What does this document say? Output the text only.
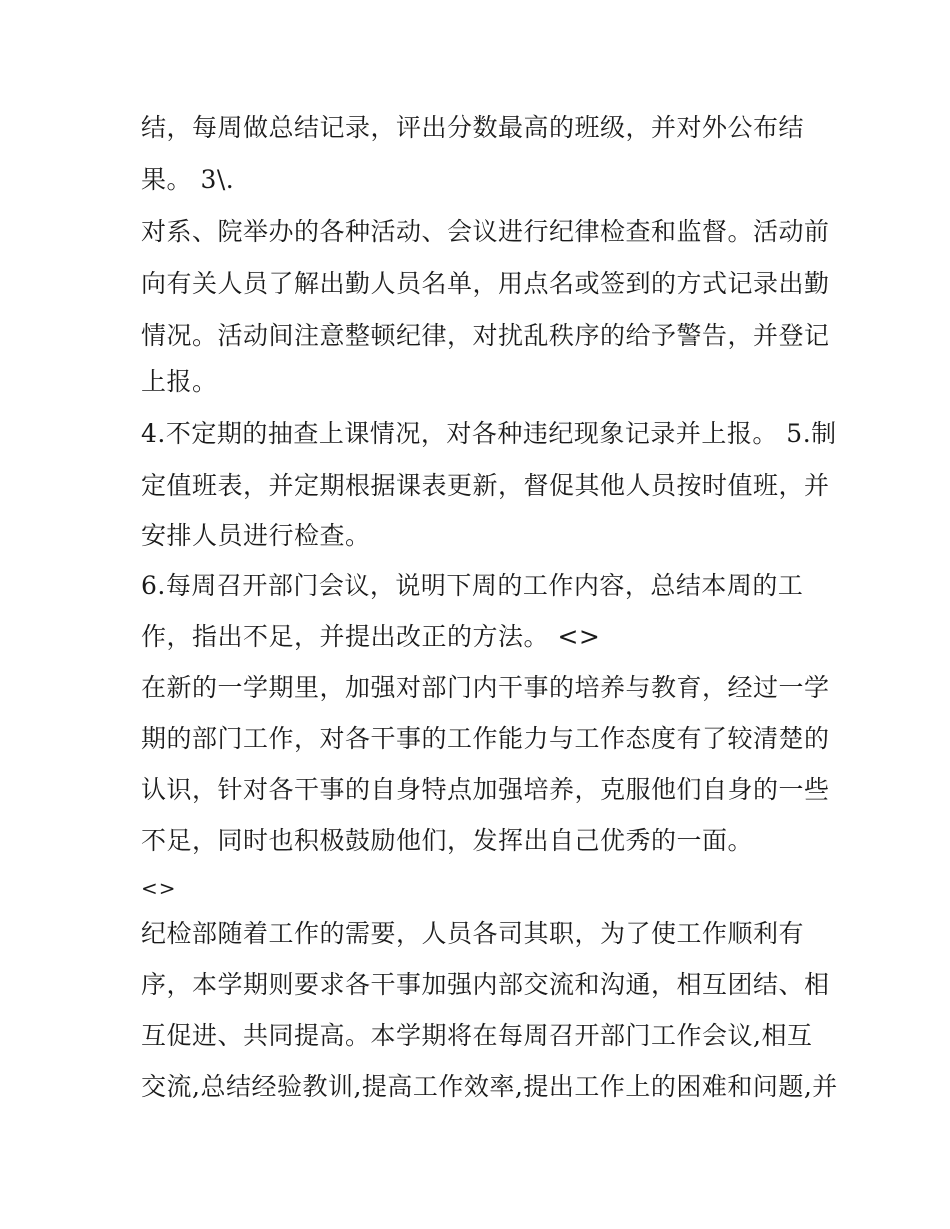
结，每周做总结记录，评出分数最高的班级，并对外公布结
果。 3\.
对系、院举办的各种活动、会议进行纪律检查和监督。活动前
向有关人员了解出勤人员名单，用点名或签到的方式记录出勤
情况。活动间注意整顿纪律，对扰乱秩序的给予警告，并登记
上报。
4.不定期的抽查上课情况，对各种违纪现象记录并上报。 5.制
定值班表，并定期根据课表更新，督促其他人员按时值班，并
安排人员进行检查。
6.每周召开部门会议，说明下周的工作内容，总结本周的工
作，指出不足，并提出改正的方法。 <>
在新的一学期里，加强对部门内干事的培养与教育，经过一学
期的部门工作，对各干事的工作能力与工作态度有了较清楚的
认识，针对各干事的自身特点加强培养，克服他们自身的一些
不足，同时也积极鼓励他们，发挥出自己优秀的一面。
<>
纪检部随着工作的需要，人员各司其职，为了使工作顺利有
序，本学期则要求各干事加强内部交流和沟通，相互团结、相
互促进、共同提高。本学期将在每周召开部门工作会议,相互
交流,总结经验教训,提高工作效率,提出工作上的困难和问题,并
